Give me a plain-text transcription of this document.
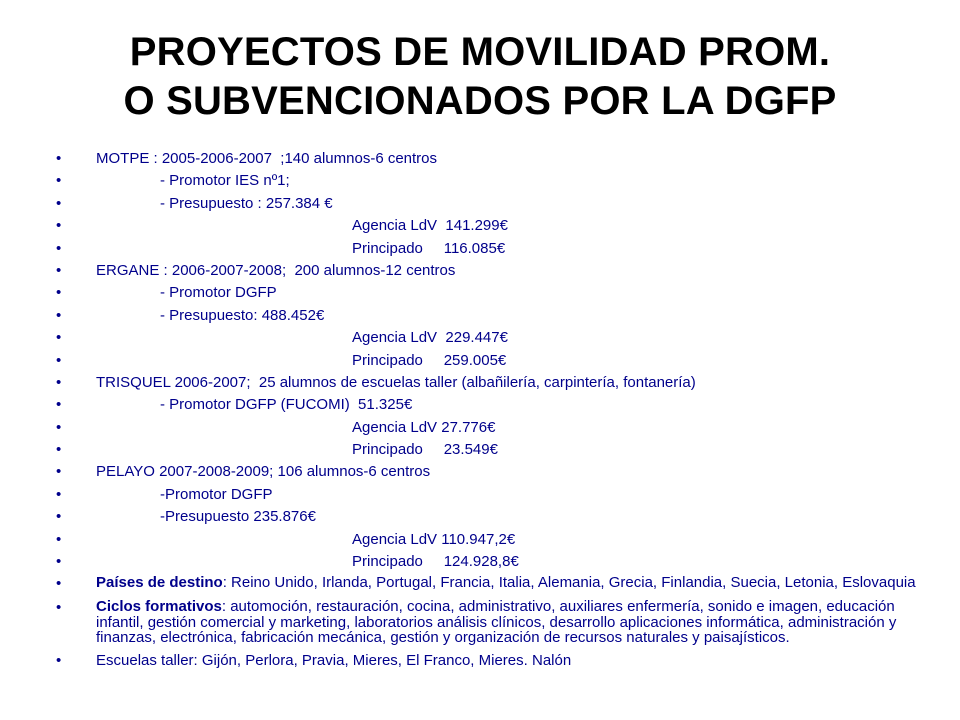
PROYECTOS DE MOVILIDAD PROM.
O SUBVENCIONADOS POR LA DGFP
• MOTPE : 2005-2006-2007  ;140 alumnos-6 centros
•	- Promotor IES nº1;
•	- Presupuesto : 257.384 €
•	Agencia LdV  141.299€
•	Principado     116.085€
• ERGANE : 2006-2007-2008;  200 alumnos-12 centros
•	- Promotor DGFP
•	- Presupuesto: 488.452€
•	Agencia LdV  229.447€
•	Principado     259.005€
• TRISQUEL 2006-2007;  25 alumnos de escuelas taller (albañilería, carpintería, fontanería)
•	- Promotor DGFP (FUCOMI)  51.325€
•	Agencia LdV 27.776€
•	Principado     23.549€
• PELAYO 2007-2008-2009; 106 alumnos-6 centros
•	-Promotor DGFP
•	-Presupuesto 235.876€
•	Agencia LdV 110.947,2€
•	Principado     124.928,8€
• Países de destino: Reino Unido, Irlanda, Portugal, Francia, Italia, Alemania, Grecia, Finlandia, Suecia, Letonia, Eslovaquia
• Ciclos formativos: automoción, restauración, cocina, administrativo, auxiliares enfermería, sonido e imagen, educación infantil, gestión comercial y marketing, laboratorios análisis clínicos, desarrollo aplicaciones informática, administración y finanzas, electrónica, fabricación mecánica, gestión y organización de recursos naturales y paisajísticos.
• Escuelas taller: Gijón, Perlora, Pravia, Mieres, El Franco, Mieres. Nalón
